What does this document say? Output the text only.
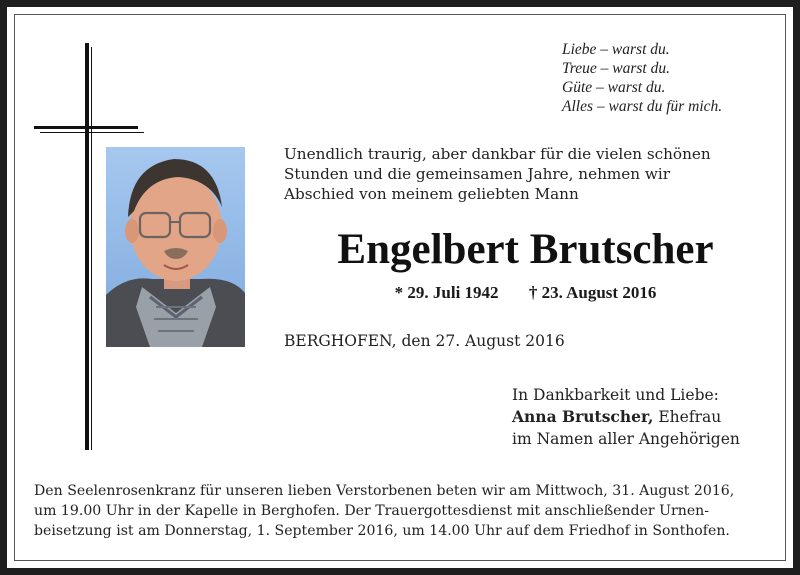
Liebe – warst du.
Treue – warst du.
Güte – warst du.
Alles – warst du für mich.
Unendlich traurig, aber dankbar für die vielen schönen
Stunden und die gemeinsamen Jahre, nehmen wir
Abschied von meinem geliebten Mann
Engelbert Brutscher
* 29. Juli 1942 † 23. August 2016
BERGHOFEN, den 27. August 2016
In Dankbarkeit und Liebe:
Anna Brutscher, Ehefrau
im Namen aller Angehörigen
Den Seelenrosenkranz für unseren lieben Verstorbenen beten wir am Mittwoch, 31. August 2016,
um 19.00 Uhr in der Kapelle in Berghofen. Der Trauergottesdienst mit anschließender Urnen-
beisetzung ist am Donnerstag, 1. September 2016, um 14.00 Uhr auf dem Friedhof in Sonthofen.
